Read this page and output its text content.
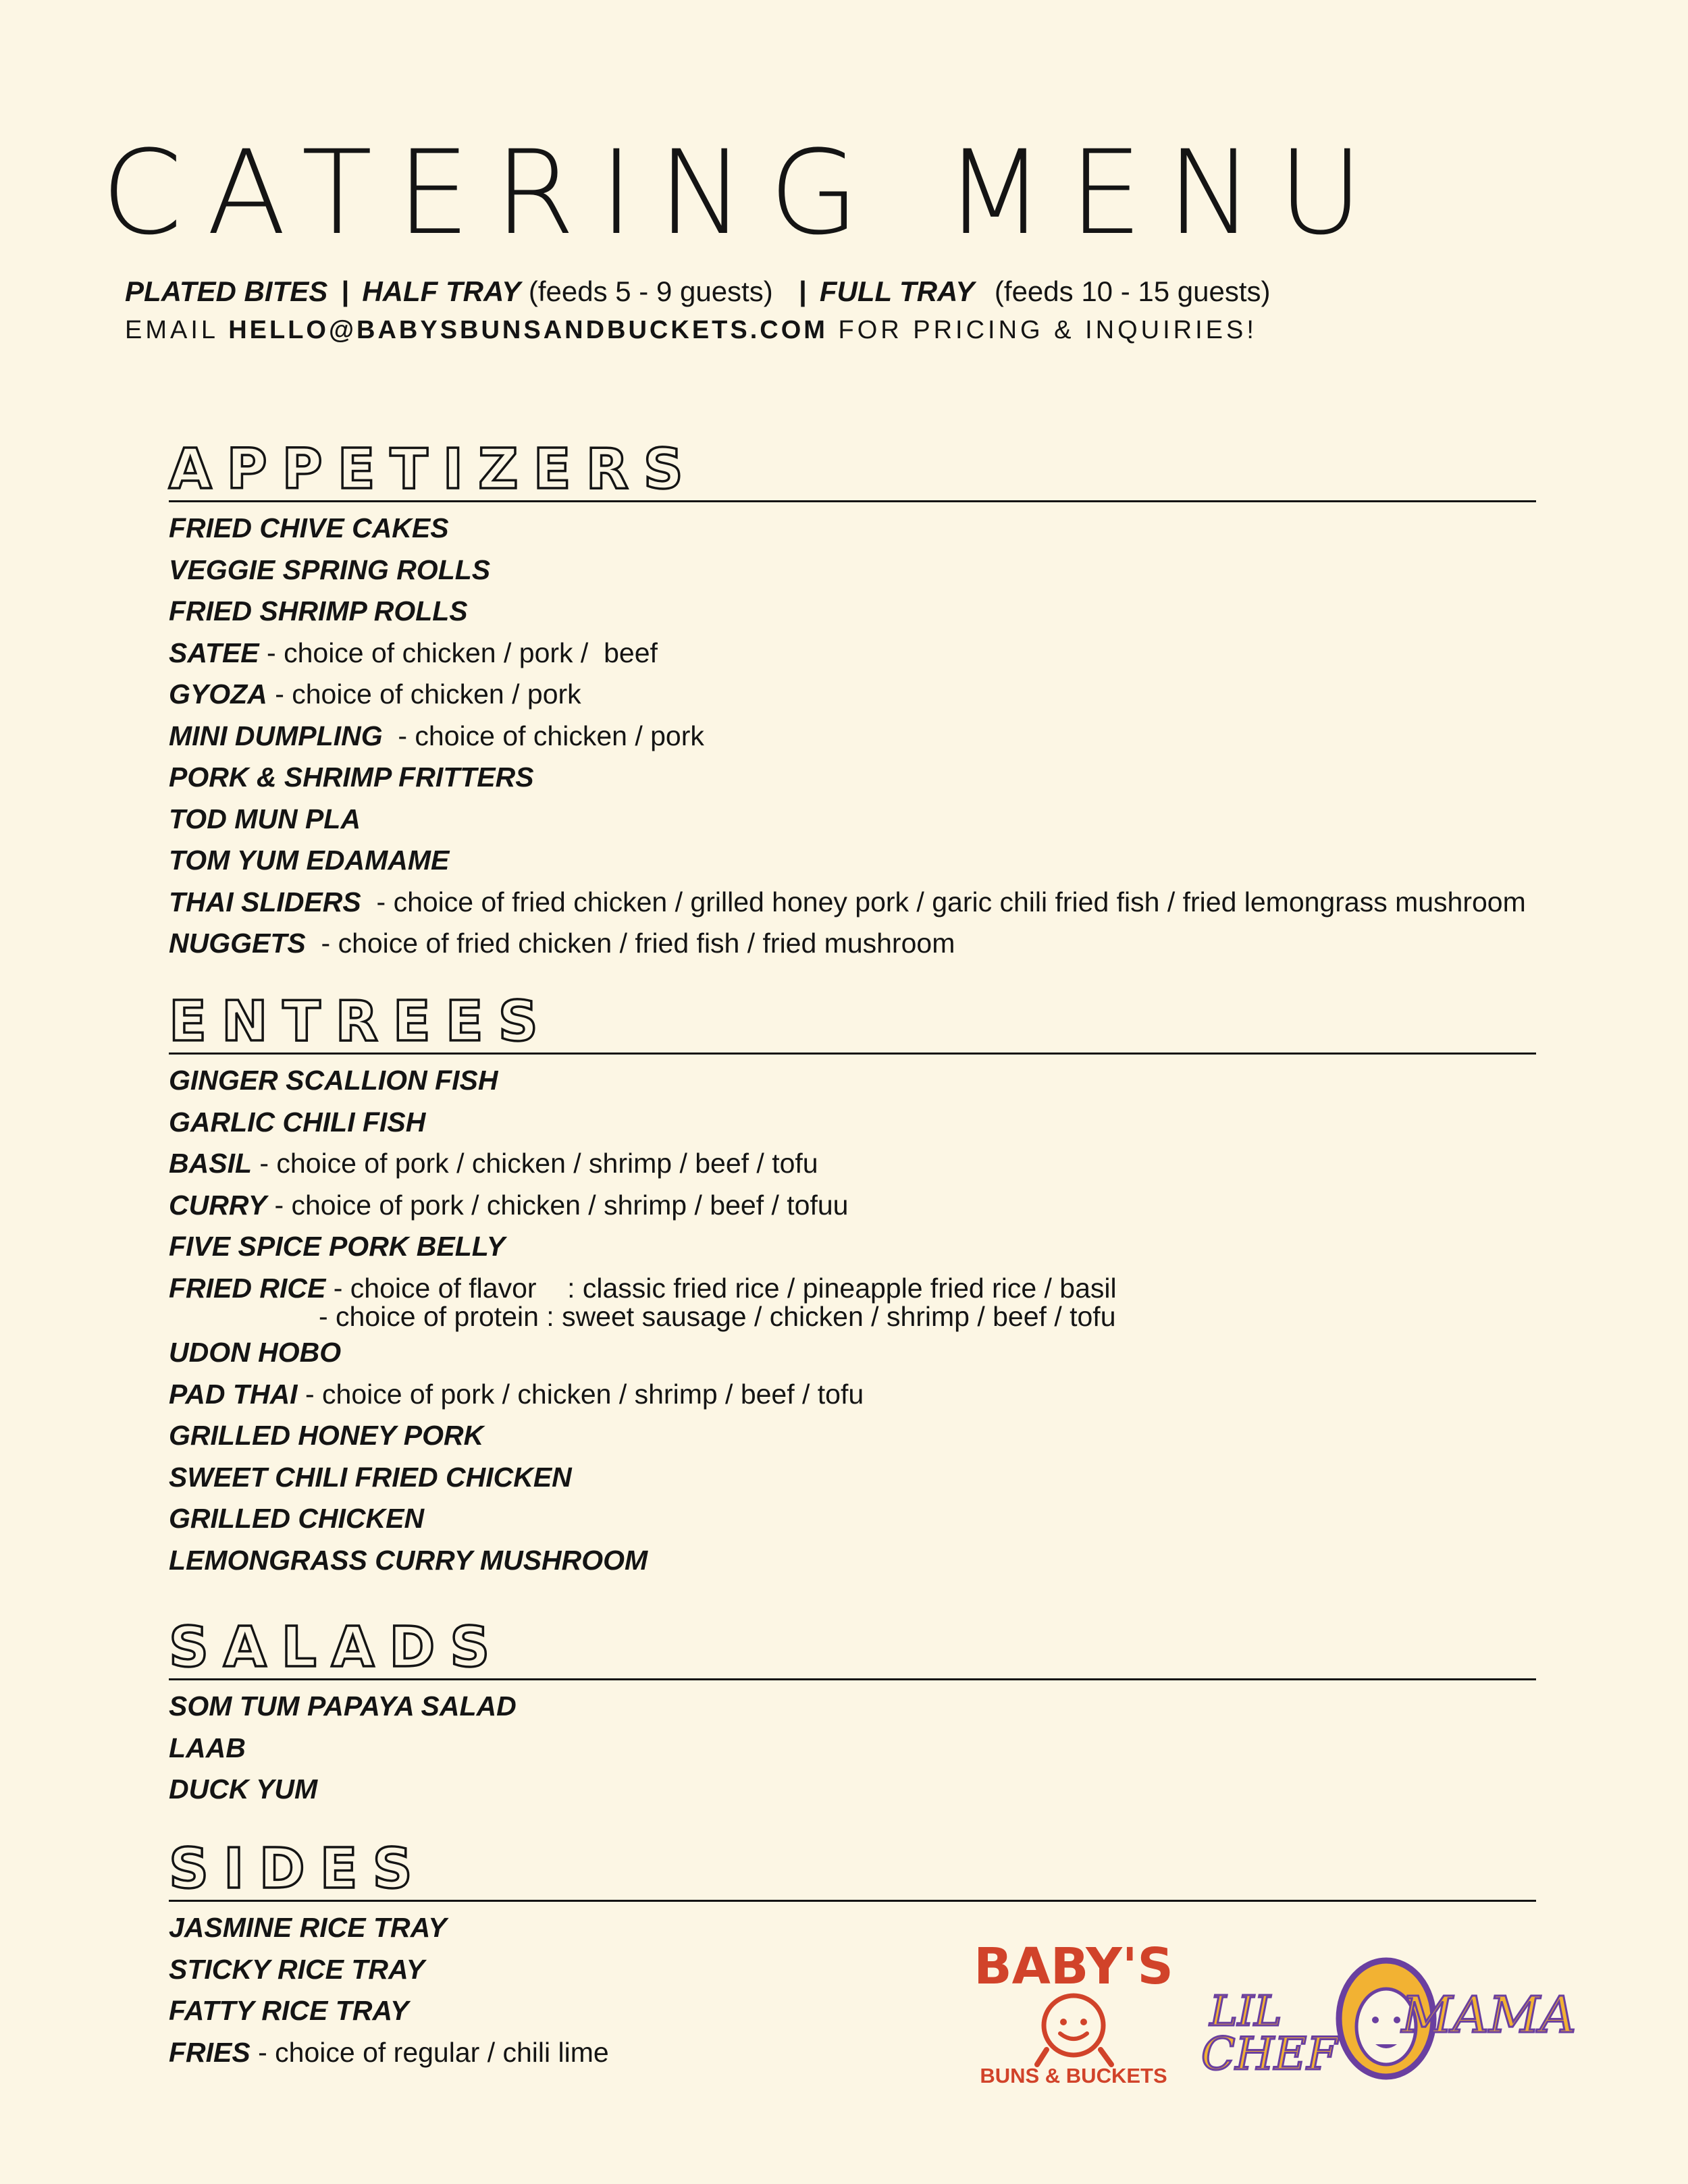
CATERING MENU
PLATED BITES | HALF TRAY (feeds 5 - 9 guests) | FULL TRAY (feeds 10 - 15 guests)
EMAIL HELLO@BABYSBUNSANDBUCKETS.COM FOR PRICING & INQUIRIES!
APPETIZERS
FRIED CHIVE CAKES
VEGGIE SPRING ROLLS
FRIED SHRIMP ROLLS
SATEE - choice of chicken / pork /  beef
GYOZA - choice of chicken / pork
MINI DUMPLING  - choice of chicken / pork
PORK & SHRIMP FRITTERS
TOD MUN PLA
TOM YUM EDAMAME
THAI SLIDERS  - choice of fried chicken / grilled honey pork / garic chili fried fish / fried lemongrass mushroom
NUGGETS  - choice of fried chicken / fried fish / fried mushroom
ENTREES
GINGER SCALLION FISH
GARLIC CHILI FISH
BASIL - choice of pork / chicken / shrimp / beef / tofu
CURRY - choice of pork / chicken / shrimp / beef / tofuu
FIVE SPICE PORK BELLY
FRIED RICE - choice of flavor    : classic fried rice / pineapple fried rice / basil
- choice of protein : sweet sausage / chicken / shrimp / beef / tofu
UDON HOBO
PAD THAI - choice of pork / chicken / shrimp / beef / tofu
GRILLED HONEY PORK
SWEET CHILI FRIED CHICKEN
GRILLED CHICKEN
LEMONGRASS CURRY MUSHROOM
SALADS
SOM TUM PAPAYA SALAD
LAAB
DUCK YUM
SIDES
JASMINE RICE TRAY
STICKY RICE TRAY
FATTY RICE TRAY
FRIES - choice of regular / chili lime
BABY'S
BUNS & BUCKETS
LIL
CHEF
MAMA
